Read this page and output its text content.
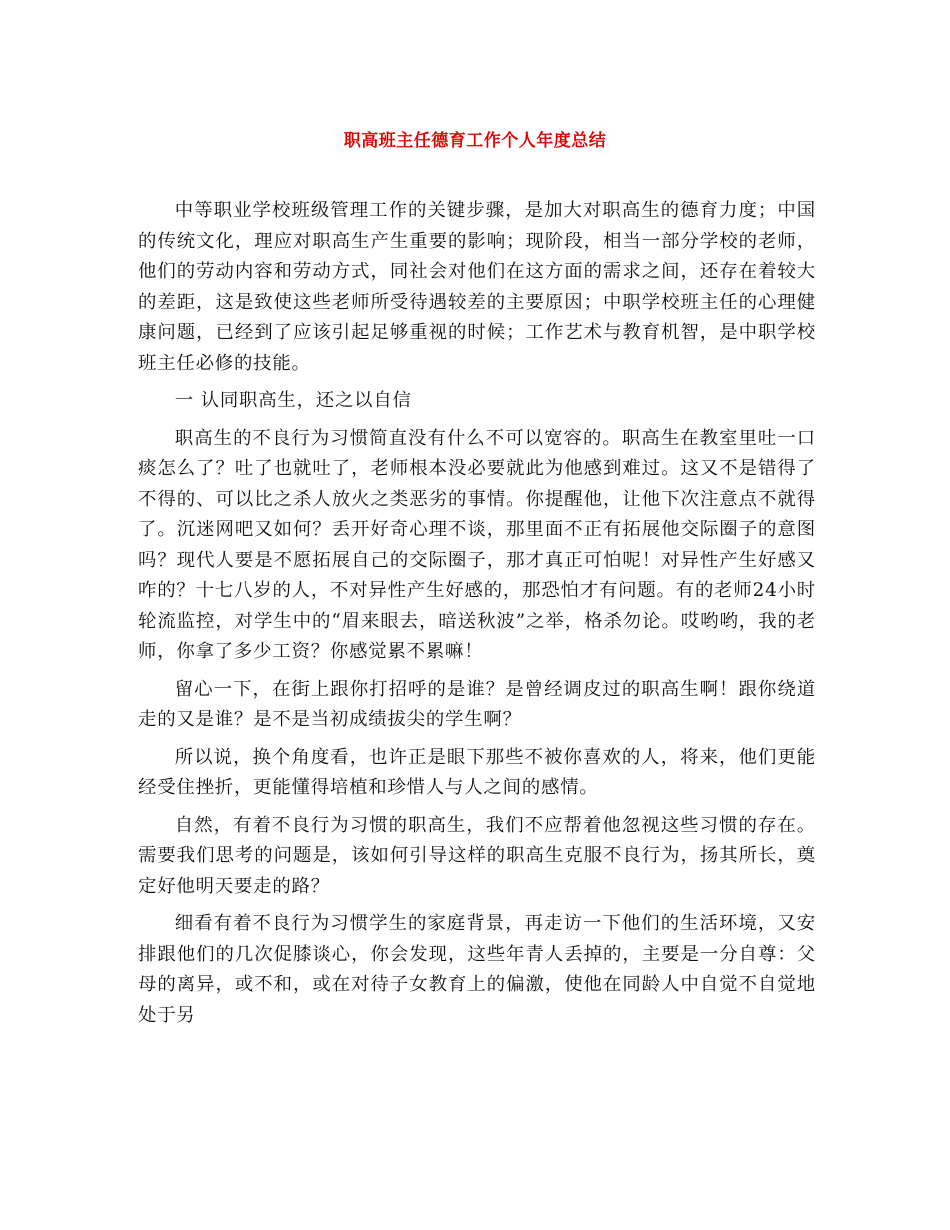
职高班主任德育工作个人年度总结

中等职业学校班级管理工作的关键步骤，是加大对职高生的德育力度；中国的传统文化，理应对职高生产生重要的影响；现阶段，相当一部分学校的老师，他们的劳动内容和劳动方式，同社会对他们在这方面的需求之间，还存在着较大的差距，这是致使这些老师所受待遇较差的主要原因；中职学校班主任的心理健康问题，已经到了应该引起足够重视的时候；工作艺术与教育机智，是中职学校班主任必修的技能。

一 认同职高生，还之以自信

职高生的不良行为习惯简直没有什么不可以宽容的。职高生在教室里吐一口痰怎么了？吐了也就吐了，老师根本没必要就此为他感到难过。这又不是错得了不得的、可以比之杀人放火之类恶劣的事情。你提醒他，让他下次注意点不就得了。沉迷网吧又如何？丢开好奇心理不谈，那里面不正有拓展他交际圈子的意图吗？现代人要是不愿拓展自己的交际圈子，那才真正可怕呢！对异性产生好感又咋的？十七八岁的人，不对异性产生好感的，那恐怕才有问题。有的老师24小时轮流监控，对学生中的“眉来眼去，暗送秋波”之举，格杀勿论。哎哟哟，我的老师，你拿了多少工资？你感觉累不累嘛！

留心一下，在街上跟你打招呼的是谁？是曾经调皮过的职高生啊！跟你绕道走的又是谁？是不是当初成绩拔尖的学生啊？

所以说，换个角度看，也许正是眼下那些不被你喜欢的人，将来，他们更能经受住挫折，更能懂得培植和珍惜人与人之间的感情。

自然，有着不良行为习惯的职高生，我们不应帮着他忽视这些习惯的存在。需要我们思考的问题是，该如何引导这样的职高生克服不良行为，扬其所长，奠定好他明天要走的路？

细看有着不良行为习惯学生的家庭背景，再走访一下他们的生活环境，又安排跟他们的几次促膝谈心，你会发现，这些年青人丢掉的，主要是一分自尊：父母的离异，或不和，或在对待子女教育上的偏激，使他在同龄人中自觉不自觉地处于另
